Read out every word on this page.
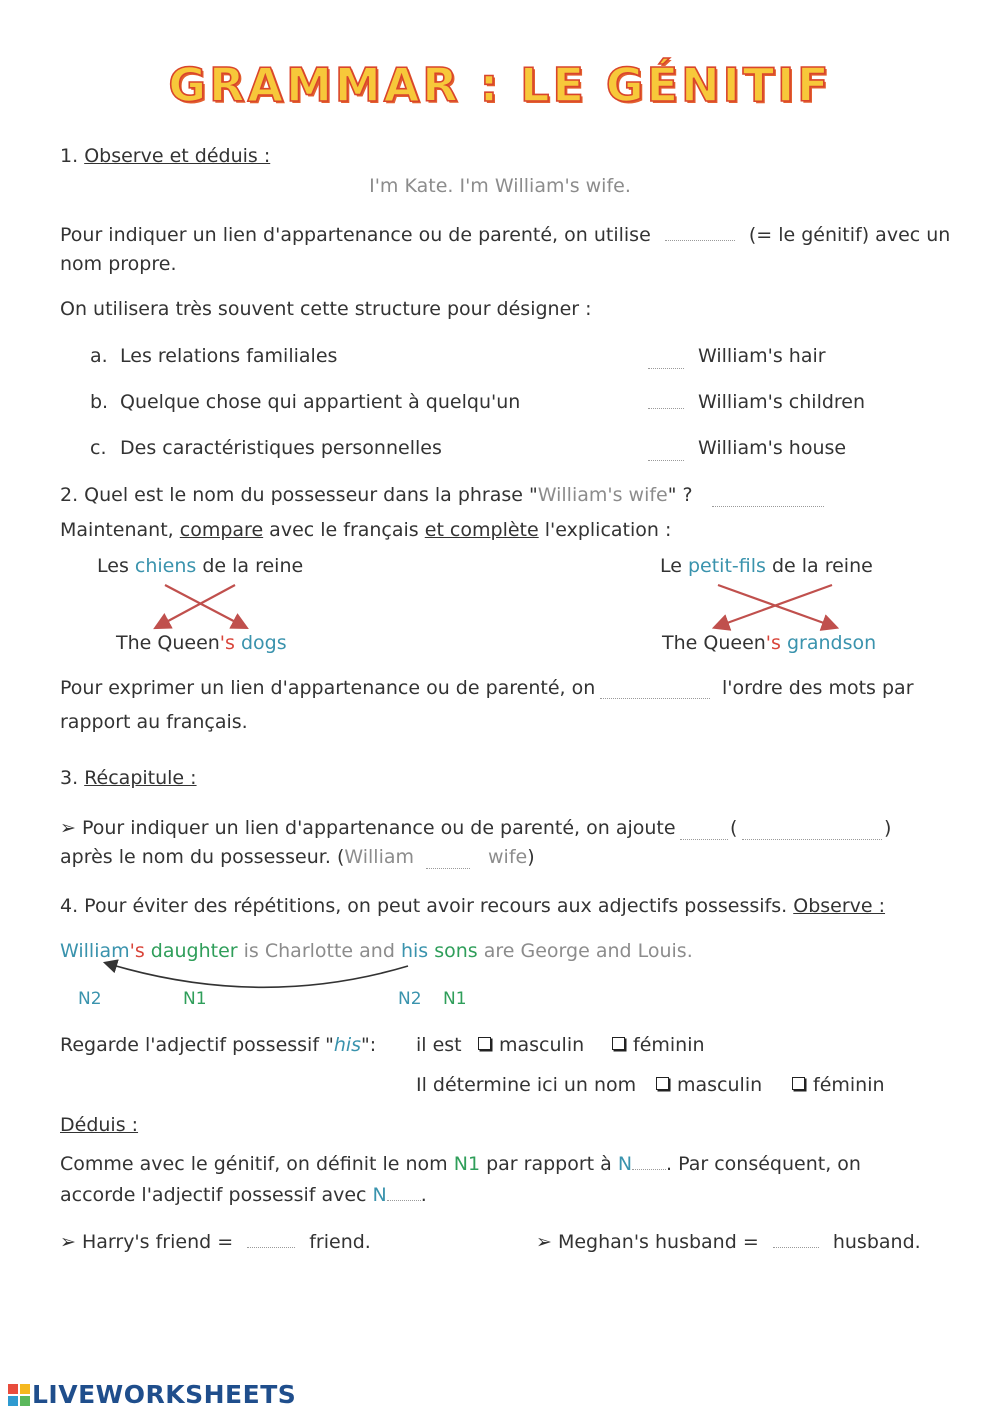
GRAMMAR : LE GÉNITIF
1. Observe et déduis :
I'm Kate. I'm William's wife.
Pour indiquer un lien d'appartenance ou de parenté, on utilise	(= le génitif) avec un
nom propre.
On utilisera très souvent cette structure pour désigner :
a. Les relations familiales	William's hair
b. Quelque chose qui appartient à quelqu'un	William's children
c. Des caractéristiques personnelles	William's house
2. Quel est le nom du possesseur dans la phrase "William's wife" ?
Maintenant, compare avec le français et complète l'explication :
Les chiens de la reine	Le petit-fils de la reine
The Queen's dogs	The Queen's grandson
Pour exprimer un lien d'appartenance ou de parenté, on	l'ordre des mots par
rapport au français.
3. Récapitule :
➢ Pour indiquer un lien d'appartenance ou de parenté, on ajoute	(	)
après le nom du possesseur. (William	wife)
4. Pour éviter des répétitions, on peut avoir recours aux adjectifs possessifs. Observe :
William's daughter is Charlotte and his sons are George and Louis.
N2	N1	N2 N1
Regarde l'adjectif possessif "his": il est	masculin	féminin
Il détermine ici un nom	masculin	féminin
Déduis :
Comme avec le génitif, on définit le nom N1 par rapport à N . Par conséquent, on
accorde l'adjectif possessif avec N .
➢ Harry's friend =	friend.	➢ Meghan's husband =	husband.
LIVEWORKSHEETS
